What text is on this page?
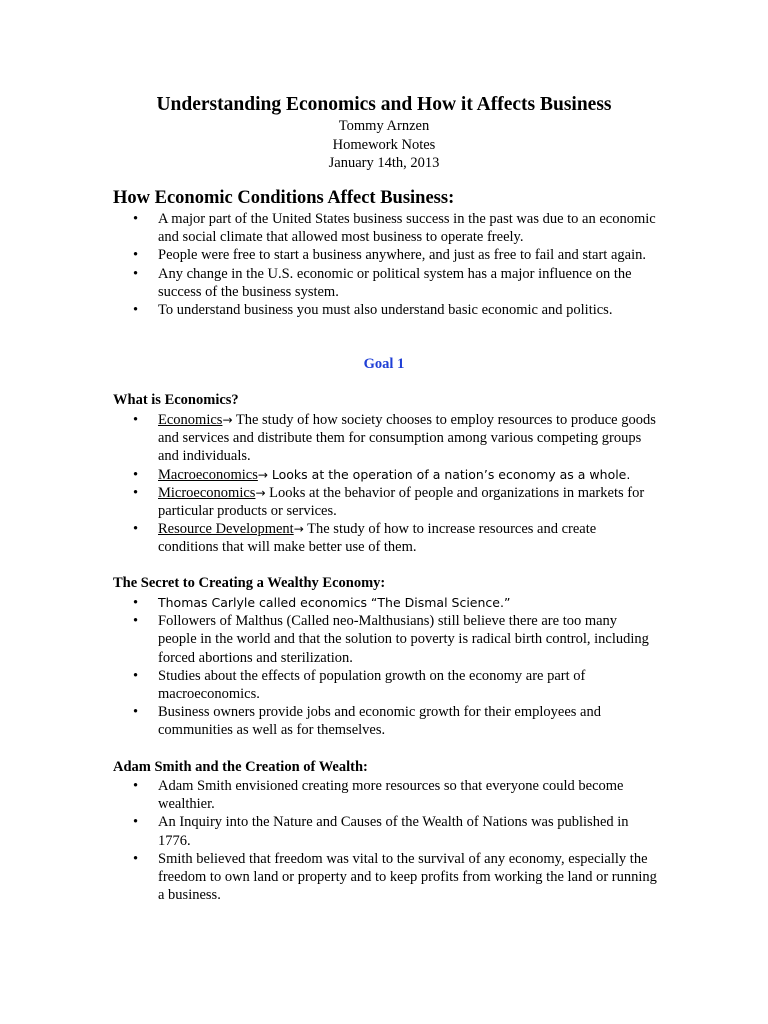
Understanding Economics and How it Affects Business
Tommy Arnzen
Homework Notes
January 14th, 2013
How Economic Conditions Affect Business:
• A major part of the United States business success in the past was due to an economic and social climate that allowed most business to operate freely.
• People were free to start a business anywhere, and just as free to fail and start again.
• Any change in the U.S. economic or political system has a major influence on the success of the business system.
• To understand business you must also understand basic economic and politics.
Goal 1
What is Economics?
• Economics→ The study of how society chooses to employ resources to produce goods and services and distribute them for consumption among various competing groups and individuals.
• Macroeconomics→ Looks at the operation of a nation’s economy as a whole.
• Microeconomics→ Looks at the behavior of people and organizations in markets for particular products or services.
• Resource Development→ The study of how to increase resources and create conditions that will make better use of them.
The Secret to Creating a Wealthy Economy:
• Thomas Carlyle called economics “The Dismal Science.”
• Followers of Malthus (Called neo-Malthusians) still believe there are too many people in the world and that the solution to poverty is radical birth control, including forced abortions and sterilization.
• Studies about the effects of population growth on the economy are part of macroeconomics.
• Business owners provide jobs and economic growth for their employees and communities as well as for themselves.
Adam Smith and the Creation of Wealth:
• Adam Smith envisioned creating more resources so that everyone could become wealthier.
• An Inquiry into the Nature and Causes of the Wealth of Nations was published in 1776.
• Smith believed that freedom was vital to the survival of any economy, especially the freedom to own land or property and to keep profits from working the land or running a business.
